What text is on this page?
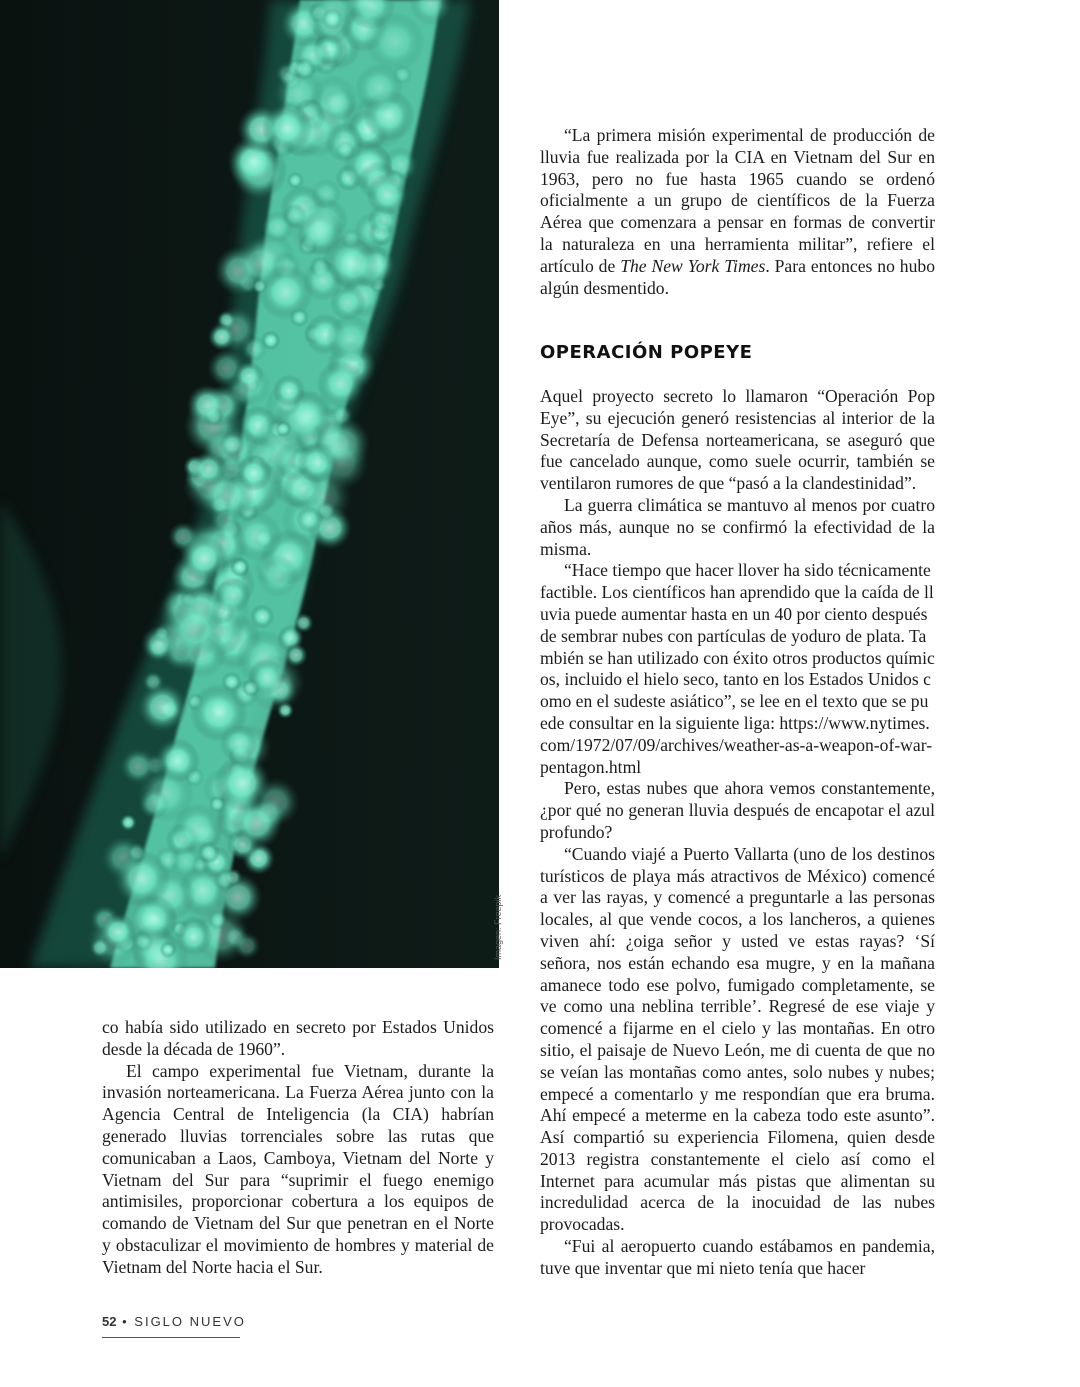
Imagen: Freepik

“La primera misión experimental de producción de lluvia fue realizada por la CIA en Vietnam del Sur en 1963, pero no fue hasta 1965 cuando se ordenó oficialmente a un grupo de científicos de la Fuerza Aérea que comenzara a pensar en formas de convertir la naturaleza en una herramienta militar”, refiere el artículo de The New York Times. Para entonces no hubo algún desmentido.

OPERACIÓN POPEYE

Aquel proyecto secreto lo llamaron “Operación Pop Eye”, su ejecución generó resistencias al interior de la Secretaría de Defensa norteamericana, se aseguró que fue cancelado aunque, como suele ocurrir, también se ventilaron rumores de que “pasó a la clandestinidad”.

La guerra climática se mantuvo al menos por cuatro años más, aunque no se confirmó la efectividad de la misma.

“Hace tiempo que hacer llover ha sido técnicamente factible. Los científicos han aprendido que la caída de lluvia puede aumentar hasta en un 40 por ciento después de sembrar nubes con partículas de yoduro de plata. También se han utilizado con éxito otros productos químicos, incluido el hielo seco, tanto en los Estados Unidos como en el sudeste asiático”, se lee en el texto que se puede consultar en la siguiente liga: https://www.nytimes.com/1972/07/09/archives/weather-as-a-weapon-of-war-pentagon.html

Pero, estas nubes que ahora vemos constantemente, ¿por qué no generan lluvia después de encapotar el azul profundo?

“Cuando viajé a Puerto Vallarta (uno de los destinos turísticos de playa más atractivos de México) comencé a ver las rayas, y comencé a preguntarle a las personas locales, al que vende cocos, a los lancheros, a quienes viven ahí: ¿oiga señor y usted ve estas rayas? ‘Sí señora, nos están echando esa mugre, y en la mañana amanece todo ese polvo, fumigado completamente, se ve como una neblina terrible’. Regresé de ese viaje y comencé a fijarme en el cielo y las montañas. En otro sitio, el paisaje de Nuevo León, me di cuenta de que no se veían las montañas como antes, solo nubes y nubes; empecé a comentarlo y me respondían que era bruma. Ahí empecé a meterme en la cabeza todo este asunto”. Así compartió su experiencia Filomena, quien desde 2013 registra constantemente el cielo así como el Internet para acumular más pistas que alimentan su incredulidad acerca de la inocuidad de las nubes provocadas.

“Fui al aeropuerto cuando estábamos en pandemia, tuve que inventar que mi nieto tenía que hacer

co había sido utilizado en secreto por Estados Unidos desde la década de 1960”.

El campo experimental fue Vietnam, durante la invasión norteamericana. La Fuerza Aérea junto con la Agencia Central de Inteligencia (la CIA) habrían generado lluvias torrenciales sobre las rutas que comunicaban a Laos, Camboya, Vietnam del Norte y Vietnam del Sur para “suprimir el fuego enemigo antimisiles, proporcionar cobertura a los equipos de comando de Vietnam del Sur que penetran en el Norte y obstaculizar el movimiento de hombres y material de Vietnam del Norte hacia el Sur.

52 • SIGLO NUEVO
